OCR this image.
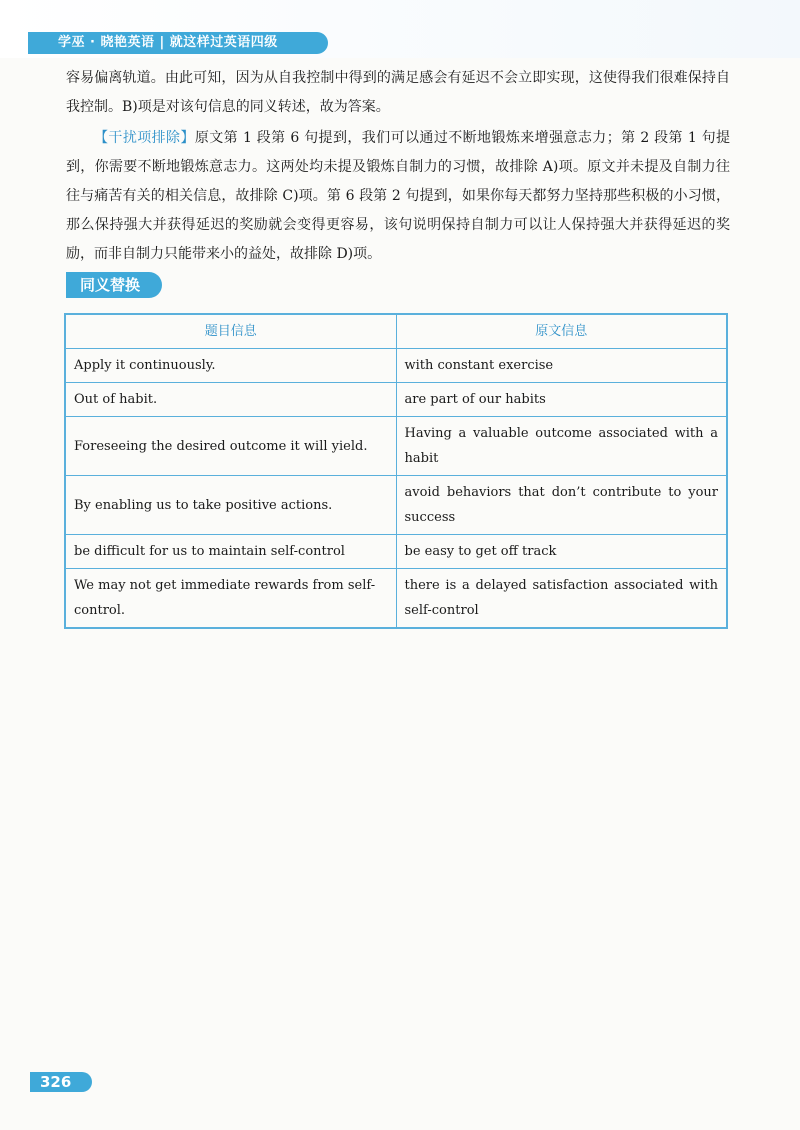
学巫 · 晓艳英语 | 就这样过英语四级

容易偏离轨道。由此可知，因为从自我控制中得到的满足感会有延迟不会立即实现，这使得我们很难保持自我控制。B)项是对该句信息的同义转述，故为答案。

【干扰项排除】原文第 1 段第 6 句提到，我们可以通过不断地锻炼来增强意志力；第 2 段第 1 句提到，你需要不断地锻炼意志力。这两处均未提及锻炼自制力的习惯，故排除 A)项。原文并未提及自制力往往与痛苦有关的相关信息，故排除 C)项。第 6 段第 2 句提到，如果你每天都努力坚持那些积极的小习惯，那么保持强大并获得延迟的奖励就会变得更容易，该句说明保持自制力可以让人保持强大并获得延迟的奖励，而非自制力只能带来小的益处，故排除 D)项。

同义替换
题目信息	原文信息
Apply it continuously.	with constant exercise
Out of habit.	are part of our habits
Foreseeing the desired outcome it will yield.	Having a valuable outcome associated with a habit
By enabling us to take positive actions.	avoid behaviors that don’t contribute to your success
be difficult for us to maintain self-control	be easy to get off track
We may not get immediate rewards from self-control.	there is a delayed satisfaction associated with self-control
326
